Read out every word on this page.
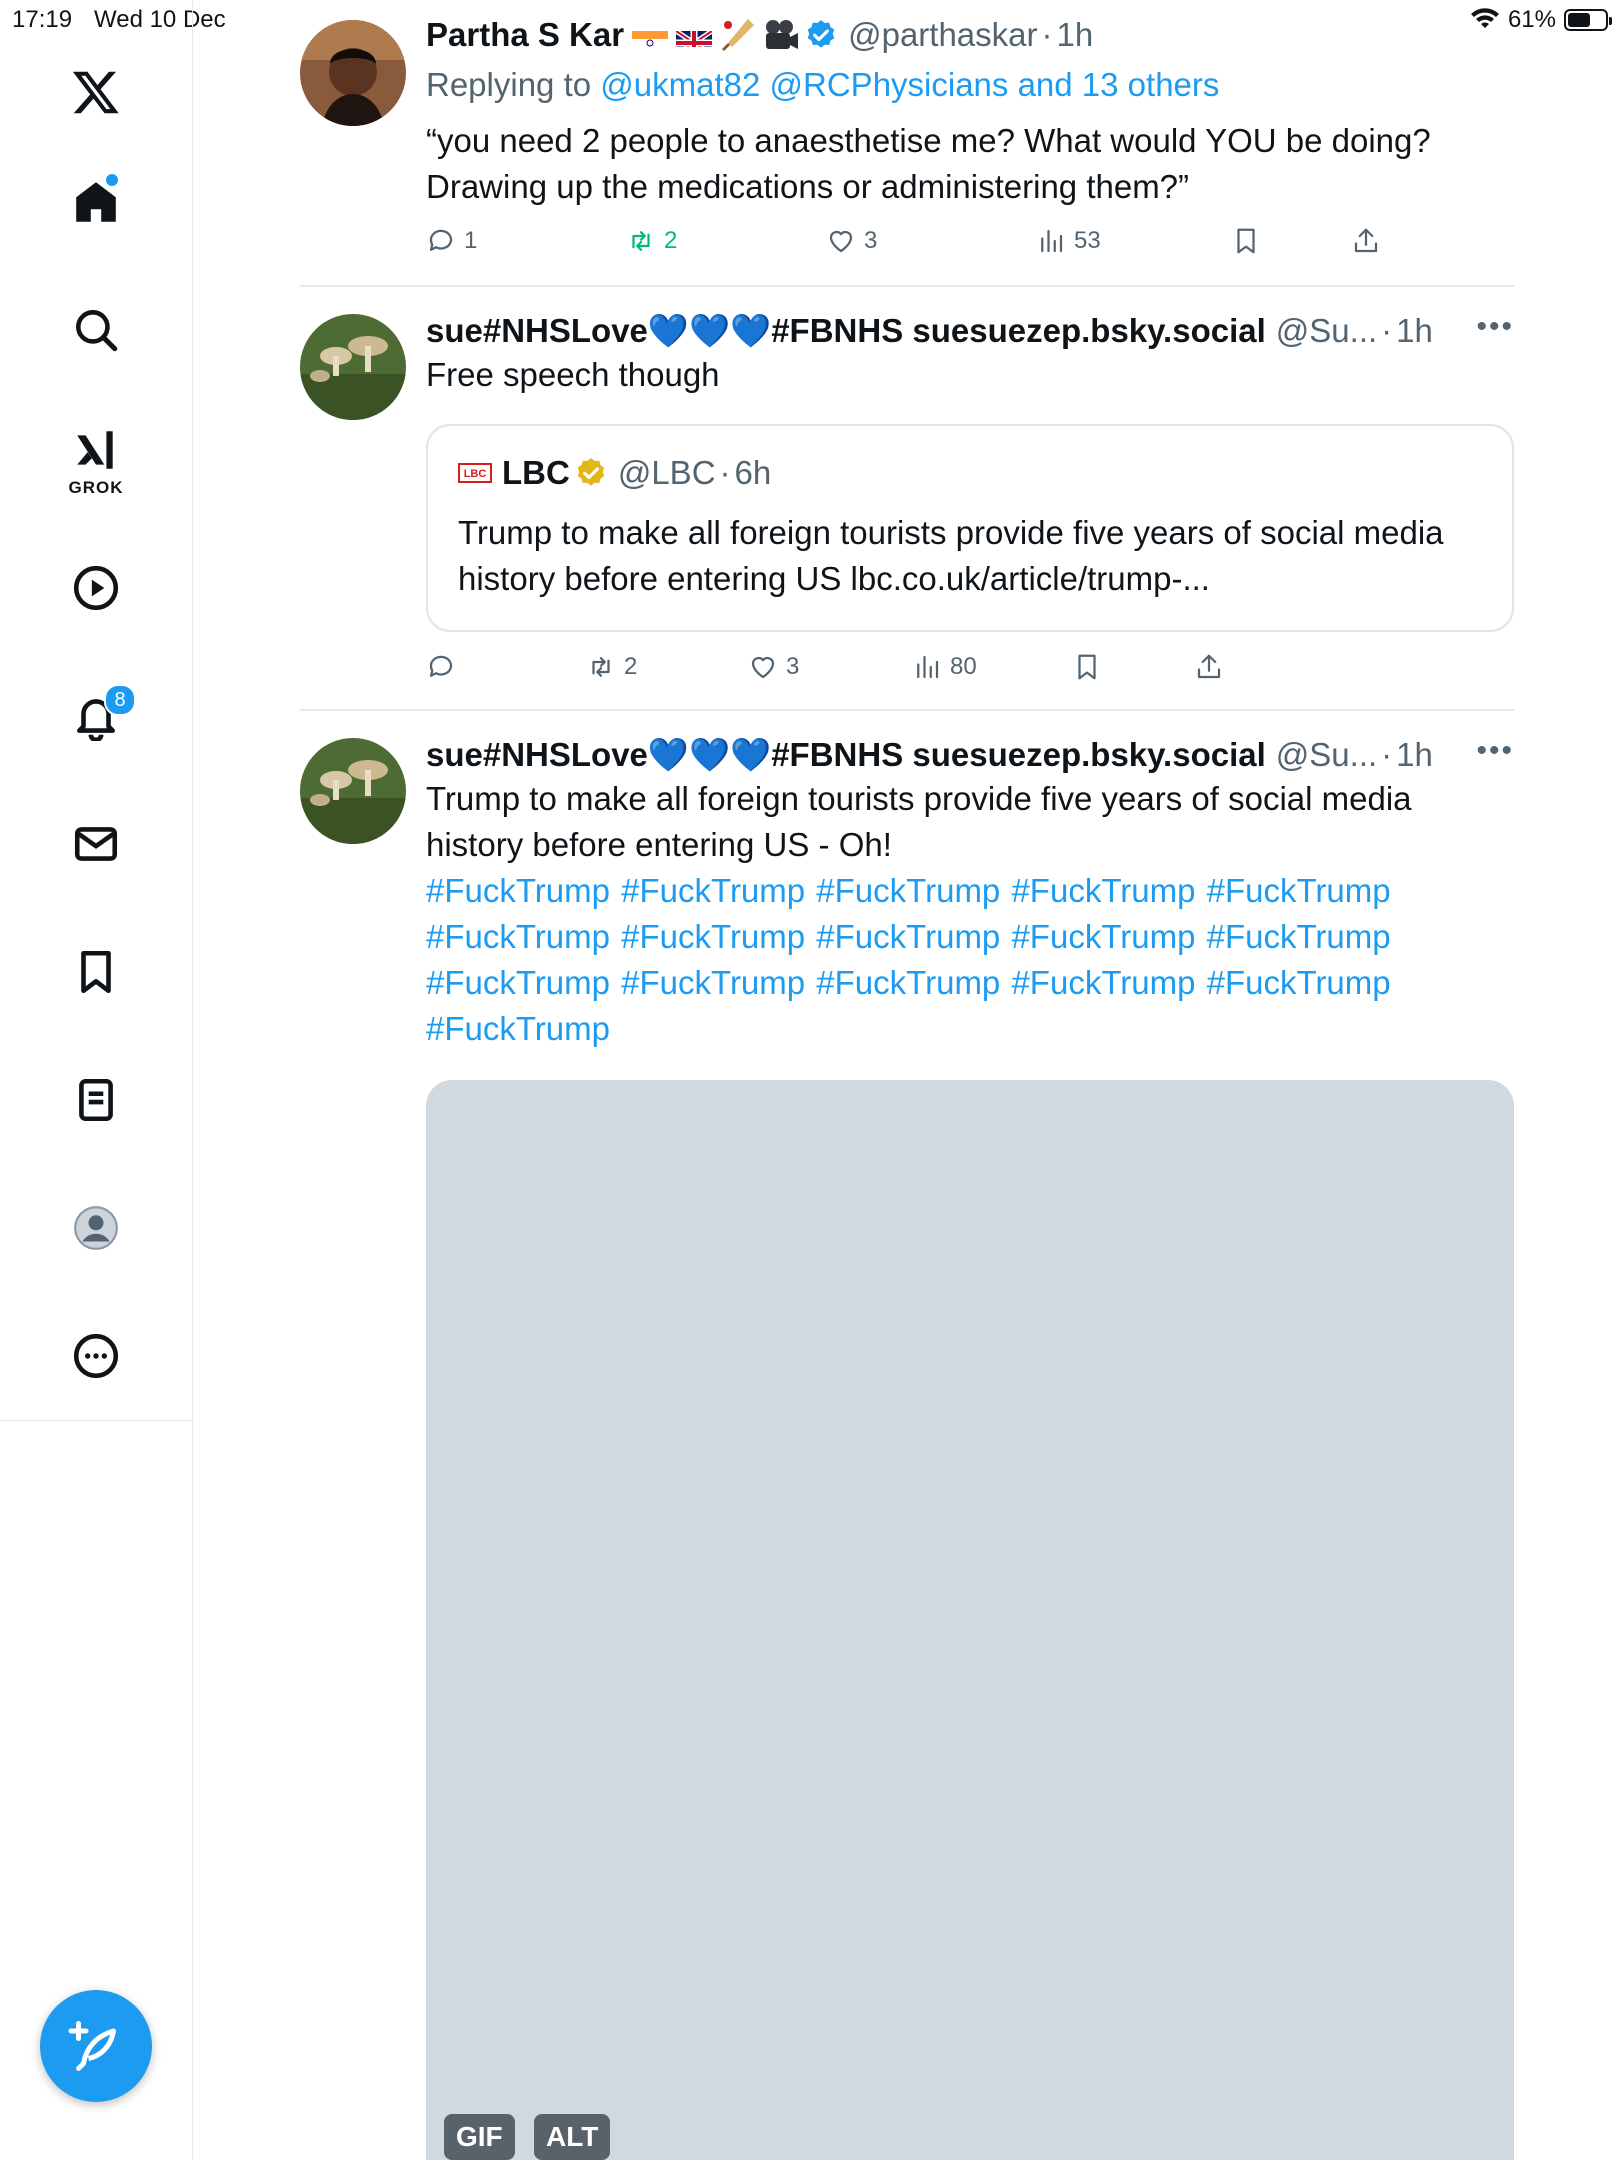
17:19 Wed 10 Dec	61%
GROK
8
Partha S Kar	@parthaskar · 1h
Replying to @ukmat82 @RCPhysicians and 13 others
“you need 2 people to anaesthetise me? What would YOU be doing? Drawing up the medications or administering them?”
1	2	3	53
sue#NHSLove 💙💙💙 #FBNHS suesuezep.bsky.social @Su... · 1h •••
Free speech though
LBC LBC @LBC · 6h
Trump to make all foreign tourists provide five years of social media history before entering US lbc.co.uk/article/trump-...
2	3	80
sue#NHSLove 💙💙💙 #FBNHS suesuezep.bsky.social @Su... · 1h •••
Trump to make all foreign tourists provide five years of social media history before entering US - Oh!
#FuckTrump #FuckTrump #FuckTrump #FuckTrump #FuckTrump #FuckTrump #FuckTrump #FuckTrump #FuckTrump #FuckTrump #FuckTrump #FuckTrump #FuckTrump #FuckTrump #FuckTrump #FuckTrump
GIF	ALT
